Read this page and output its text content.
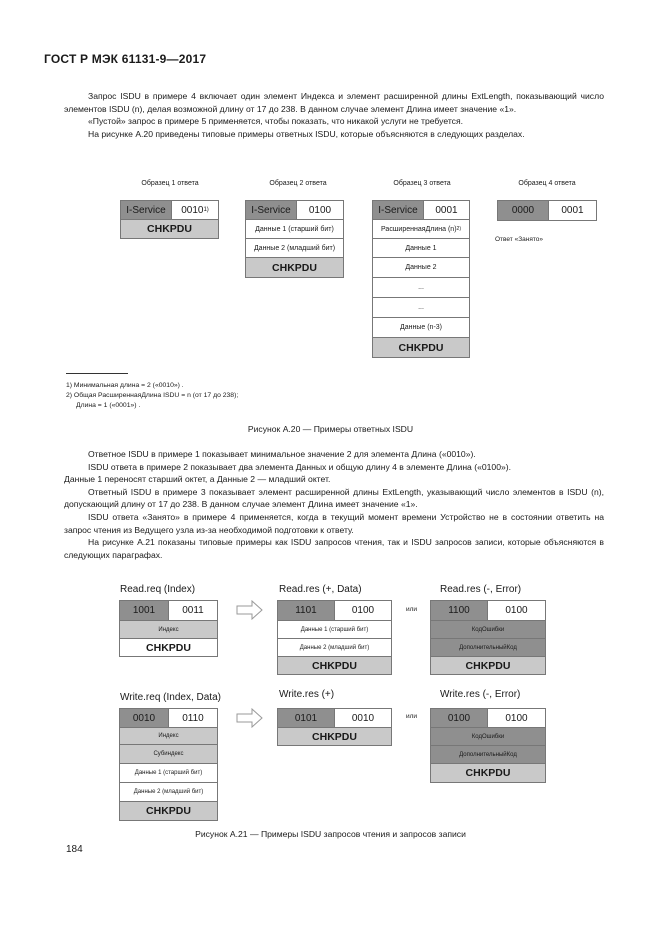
ГОСТ Р МЭК 61131-9—2017

Запрос ISDU в примере 4 включает один элемент Индекса и элемент расширенной длины ExtLength, показывающий число элементов ISDU (n), делая возможной длину от 17 до 238. В данном случае элемент Длина имеет значение «1».

«Пустой» запрос в примере 5 применяется, чтобы показать, что никакой услуги не требуется.

На рисунке А.20 приведены типовые примеры ответных ISDU, которые объясняются в следующих разделах.

Образец 1 ответа	Образец 2 ответа	Образец 3 ответа	Образец 4 ответа
I-Service	0010 1)
CHKPDU
I-Service	0100
Данные 1 (старший бит)
Данные 2 (младший бит)
CHKPDU
I-Service	0001
РасширеннаяДлина (n) 2)
Данные 1
Данные 2
...
...
Данные (n-3)
CHKPDU
0000	0001
Ответ «Занято»
1) Минимальная длина = 2 («0010») .
2) Общая РасширеннаяДлина ISDU = n (от 17 до 238);
Длина = 1 («0001») .
Рисунок А.20 — Примеры ответных ISDU

Ответное ISDU в примере 1 показывает минимальное значение 2 для элемента Длина («0010»).

ISDU ответа в примере 2 показывает два элемента Данных и общую длину 4 в элементе Длина («0100»).

Данные 1 переносят старший октет, а Данные 2 — младший октет.

Ответный ISDU в примере 3 показывает элемент расширенной длины ExtLength, указывающий число элементов в ISDU (n), допускающий длину от 17 до 238. В данном случае элемент Длина имеет значение «1».

ISDU ответа «Занято» в примере 4 применяется, когда в текущий момент времени Устройство не в состоянии ответить на запрос чтения из Ведущего узла из-за необходимой подготовки к ответу.

На рисунке А.21 показаны типовые примеры как ISDU запросов чтения, так и ISDU запросов записи, которые объясняются в следующих параграфах.

Read.req (Index)
1001	0011
Индекс
CHKPDU
Read.res (+, Data)
1101	0100
Данные 1 (старший бит)
Данные 2 (младший бит)
CHKPDU
или
Read.res (-, Error)
1100	0100
КодОшибки
ДополнительныйКод
CHKPDU
Write.req (Index, Data)
0010	0110
Индекс
Субиндекс
Данные 1 (старший бит)
Данные 2 (младший бит)
CHKPDU
Write.res (+)
0101	0010
CHKPDU
или
Write.res (-, Error)
0100	0100
КодОшибки
ДополнительныйКод
CHKPDU
Рисунок А.21 — Примеры ISDU запросов чтения и запросов записи
184
